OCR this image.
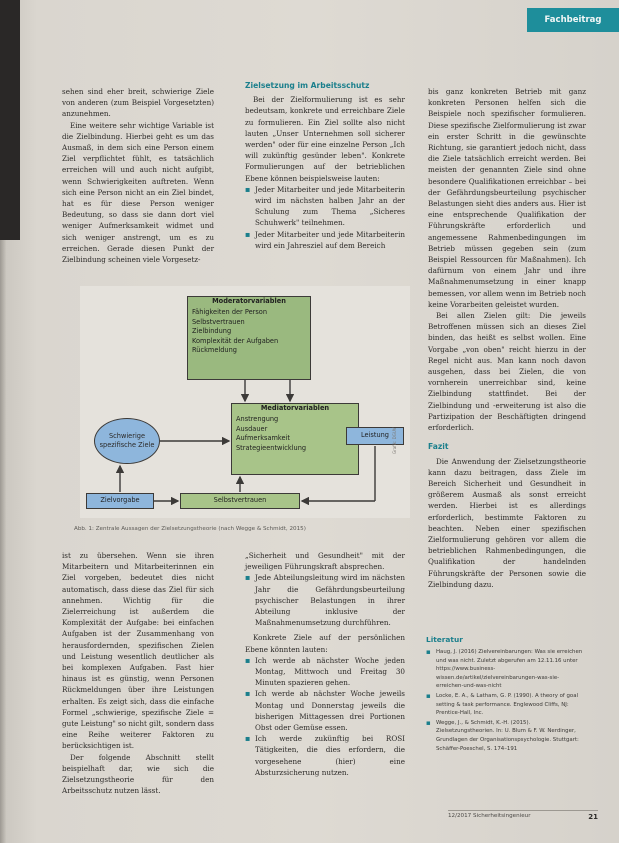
Fachbeitrag

sehen sind eher breit, schwierige Ziele von anderen (zum Beispiel Vorgesetzten) anzunehmen.

Eine weitere sehr wichtige Variable ist die Zielbindung. Hierbei geht es um das Ausmaß, in dem sich eine Person einem Ziel verpflichtet fühlt, es tatsächlich erreichen will und auch nicht aufgibt, wenn Schwierigkeiten auftreten. Wenn sich eine Person nicht an ein Ziel bindet, hat es für diese Person weniger Bedeutung, so dass sie dann dort viel weniger Aufmerksamkeit widmet und sich weniger anstrengt, um es zu erreichen. Gerade diesen Punkt der Zielbindung scheinen viele Vorgesetz-

Zielsetzung im Arbeitsschutz

Bei der Zielformulierung ist es sehr bedeutsam, konkrete und erreichbare Ziele zu formulieren. Ein Ziel sollte also nicht lauten „Unser Unternehmen soll sicherer werden" oder für eine einzelne Person „Ich will zukünftig gesünder leben". Konkrete Formulierungen auf der betrieblichen Ebene können beispielsweise lauten:

▪ Jeder Mitarbeiter und jede Mitarbeiterin wird im nächsten halben Jahr an der Schulung zum Thema „Sicheres Schuhwerk" teilnehmen.

▪ Jeder Mitarbeiter und jede Mitarbeiterin wird ein Jahresziel auf dem Bereich

bis ganz konkreten Betrieb mit ganz konkreten Personen helfen sich die Beispiele noch spezifischer formulieren. Diese spezifische Zielformulierung ist zwar ein erster Schritt in die gewünschte Richtung, sie garantiert jedoch nicht, dass die Ziele tatsächlich erreicht werden. Bei meisten der genannten Ziele sind ohne besondere Qualifikationen erreichbar – bei der Gefährdungsbeurteilung psychischer Belastungen sieht dies anders aus. Hier ist eine entsprechende Qualifikation der Führungskräfte erforderlich und angemessene Rahmenbedingungen im Betrieb müssen gegeben sein (zum Beispiel Ressourcen für Maßnahmen). Ich dafürnum von einem Jahr und ihre Maßnahmenumsetzung in einer knapp bemessen, vor allem wenn im Betrieb noch keine Vorarbeiten geleistet wurden.

Bei allen Zielen gilt: Die jeweils Betroffenen müssen sich an dieses Ziel binden, das heißt es selbst wollen. Eine Vorgabe „von oben" reicht hierzu in der Regel nicht aus. Man kann noch davon ausgehen, dass bei Zielen, die von vornherein unerreichbar sind, keine Zielbindung stattfindet. Bei der Zielbindung und -erweiterung ist also die Partizipation der Beschäftigten dringend erforderlich.

Fazit

Die Anwendung der Zielsetzungstheorie kann dazu beitragen, dass Ziele im Bereich Sicherheit und Gesundheit in größerem Ausmaß als sonst erreicht werden. Hierbei ist es allerdings erforderlich, bestimmte Faktoren zu beachten. Neben einer spezifischen Zielformulierung gehören vor allem die betrieblichen Rahmenbedingungen, die Qualifikation der handelnden Führungskräfte der Personen sowie die Zielbindung dazu.

Moderatorvariablen
Fähigkeiten der Person
Selbstvertrauen
Zielbindung
Komplexität der Aufgaben
Rückmeldung
Mediatorvariablen
Anstrengung
Ausdauer
Aufmerksamkeit
Strategieentwicklung
Schwierige spezifische Ziele
Leistung
Zielvorgabe	Selbstvertrauen
Grafik: DGUV
Abb. 1: Zentrale Aussagen der Zielsetzungstheorie (nach Wegge & Schmidt, 2015)

ist zu übersehen. Wenn sie ihren Mitarbeitern und Mitarbeiterinnen ein Ziel vorgeben, bedeutet dies nicht automatisch, dass diese das Ziel für sich annehmen. Wichtig für die Zielerreichung ist außerdem die Komplexität der Aufgabe: bei einfachen Aufgaben ist der Zusammenhang von herausfordernden, spezifischen Zielen und Leistung wesentlich deutlicher als bei komplexen Aufgaben. Fast hier hinaus ist es günstig, wenn Personen Rückmeldungen über ihre Leistungen erhalten. Es zeigt sich, dass die einfache Formel „schwierige, spezifische Ziele = gute Leistung" so nicht gilt, sondern dass eine Reihe weiterer Faktoren zu berücksichtigen ist.

Der folgende Abschnitt stellt beispielhaft dar, wie sich die Zielsetzungstheorie für den Arbeitsschutz nutzen lässt.

„Sicherheit und Gesundheit" mit der jeweiligen Führungskraft absprechen.

▪ Jede Abteilungsleitung wird im nächsten Jahr die Gefährdungsbeurteilung psychischer Belastungen in ihrer Abteilung inklusive der Maßnahmenumsetzung durchführen.

Konkrete Ziele auf der persönlichen Ebene könnten lauten:

▪ Ich werde ab nächster Woche jeden Montag, Mittwoch und Freitag 30 Minuten spazieren gehen.

▪ Ich werde ab nächster Woche jeweils Montag und Donnerstag jeweils die bisherigen Mittagessen drei Portionen Obst oder Gemüse essen.

▪ Ich werde zukünftig bei ROSI Tätigkeiten, die dies erfordern, die vorgesehene (hier) eine Absturzsicherung nutzen.

Literatur
▪ Haug, J. (2016) Zielvereinbarungen: Was sie erreichen und was nicht. Zuletzt abgerufen am 12.11.16 unter https://www.business-wissen.de/artikel/zielvereinbarungen-was-sie-erreichen-und-was-nicht
▪ Locke, E. A., & Latham, G. P. (1990). A theory of goal setting & task performance. Englewood Cliffs, NJ: Prentice-Hall, Inc.
▪ Wegge, J., & Schmidt, K.-H. (2015). Zielsetzungstheorien. In: U. Blum & F. W. Nerdinger, Grundlagen der Organisationspsychologie. Stuttgart: Schäffer-Poeschel, S. 174–191
12/2017 Sicherheitsingenieur	21
